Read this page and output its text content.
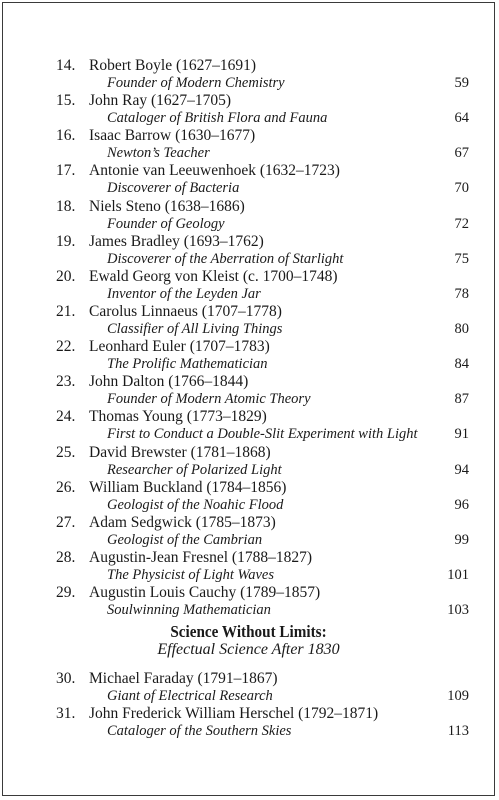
14. Robert Boyle (1627–1691)
Founder of Modern Chemistry	59
15. John Ray (1627–1705)
Cataloger of British Flora and Fauna	64
16. Isaac Barrow (1630–1677)
Newton’s Teacher	67
17. Antonie van Leeuwenhoek (1632–1723)
Discoverer of Bacteria	70
18. Niels Steno (1638–1686)
Founder of Geology	72
19. James Bradley (1693–1762)
Discoverer of the Aberration of Starlight	75
20. Ewald Georg von Kleist (c. 1700–1748)
Inventor of the Leyden Jar	78
21. Carolus Linnaeus (1707–1778)
Classifier of All Living Things	80
22. Leonhard Euler (1707–1783)
The Prolific Mathematician	84
23. John Dalton (1766–1844)
Founder of Modern Atomic Theory	87
24. Thomas Young (1773–1829)
First to Conduct a Double-Slit Experiment with Light	91
25. David Brewster (1781–1868)
Researcher of Polarized Light	94
26. William Buckland (1784–1856)
Geologist of the Noahic Flood	96
27. Adam Sedgwick (1785–1873)
Geologist of the Cambrian	99
28. Augustin-Jean Fresnel (1788–1827)
The Physicist of Light Waves	101
29. Augustin Louis Cauchy (1789–1857)
Soulwinning Mathematician	103
30. Michael Faraday (1791–1867)
Giant of Electrical Research	109
31. John Frederick William Herschel (1792–1871)
Cataloger of the Southern Skies	113
Science Without Limits:
Effectual Science After 1830
